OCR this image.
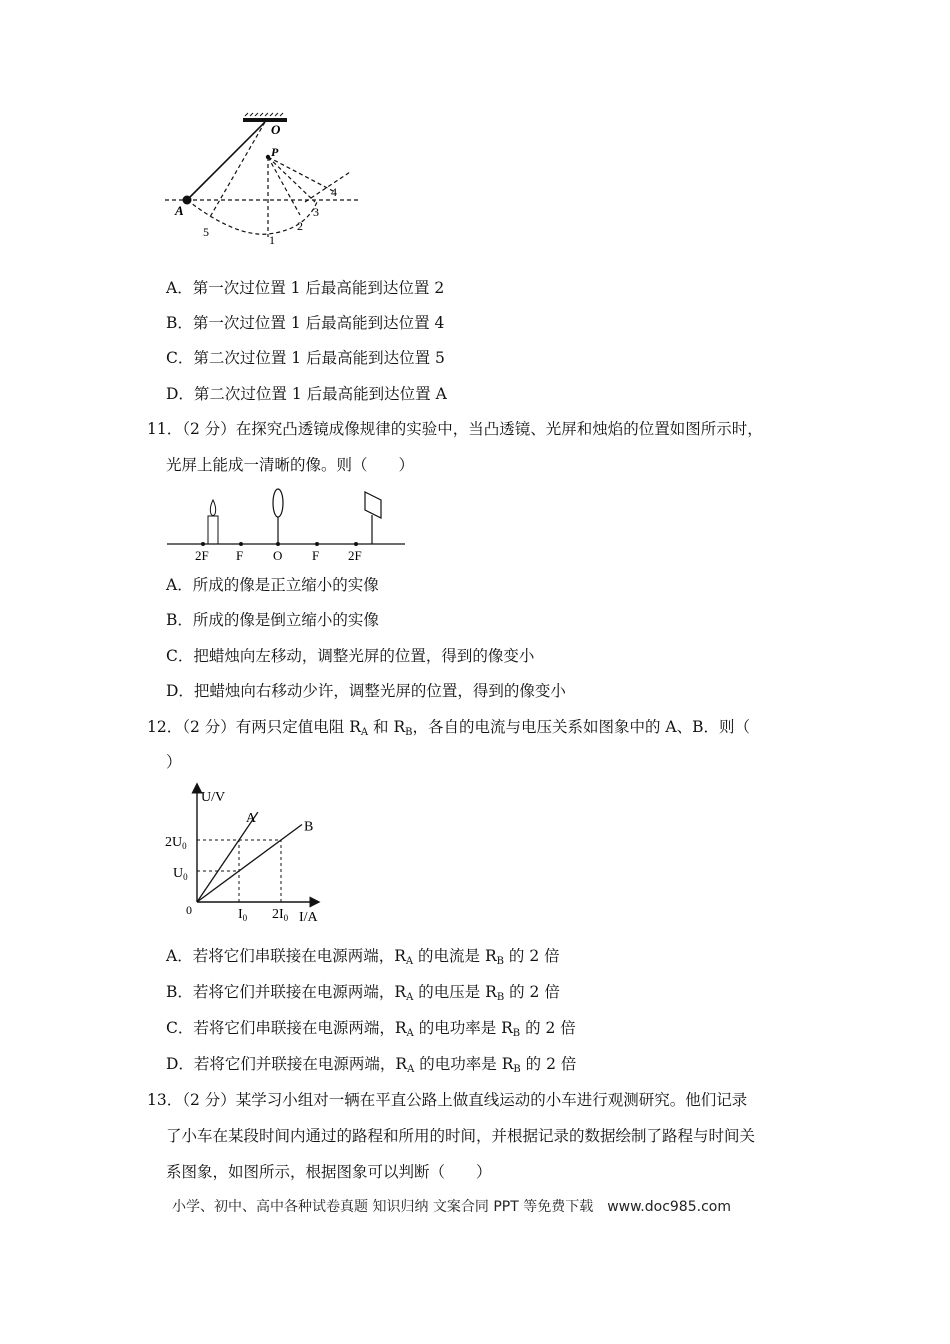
O
P
A
5
1
2
3
4
A．第一次过位置 1 后最高能到达位置 2
B．第一次过位置 1 后最高能到达位置 4
C．第二次过位置 1 后最高能到达位置 5
D．第二次过位置 1 后最高能到达位置 A
11．（2 分）在探究凸透镜成像规律的实验中，当凸透镜、光屏和烛焰的位置如图所示时，
光屏上能成一清晰的像。则（　　）
2F F O F 2F
A．所成的像是正立缩小的实像
B．所成的像是倒立缩小的实像
C．把蜡烛向左移动，调整光屏的位置，得到的像变小
D．把蜡烛向右移动少许，调整光屏的位置，得到的像变小
12．（2 分）有两只定值电阻 $R_A$ 和 $R_B$，各自的电流与电压关系如图象中的 A、B．则（
）
A
B
U/V
I/A
0
$2U_0$
$U_0$
$I_0$ $2I_0$
A．若将它们串联接在电源两端，$R_A$ 的电流是 $R_B$ 的 2 倍
B．若将它们并联接在电源两端，$R_A$ 的电压是 $R_B$ 的 2 倍
C．若将它们串联接在电源两端，$R_A$ 的电功率是 $R_B$ 的 2 倍
D．若将它们并联接在电源两端，$R_A$ 的电功率是 $R_B$ 的 2 倍
13．（2 分）某学习小组对一辆在平直公路上做直线运动的小车进行观测研究。他们记录
了小车在某段时间内通过的路程和所用的时间，并根据记录的数据绘制了路程与时间关
系图象，如图所示，根据图象可以判断（　　）
小学、初中、高中各种试卷真题 知识归纳 文案合同 PPT 等免费下载　www.doc985.com
